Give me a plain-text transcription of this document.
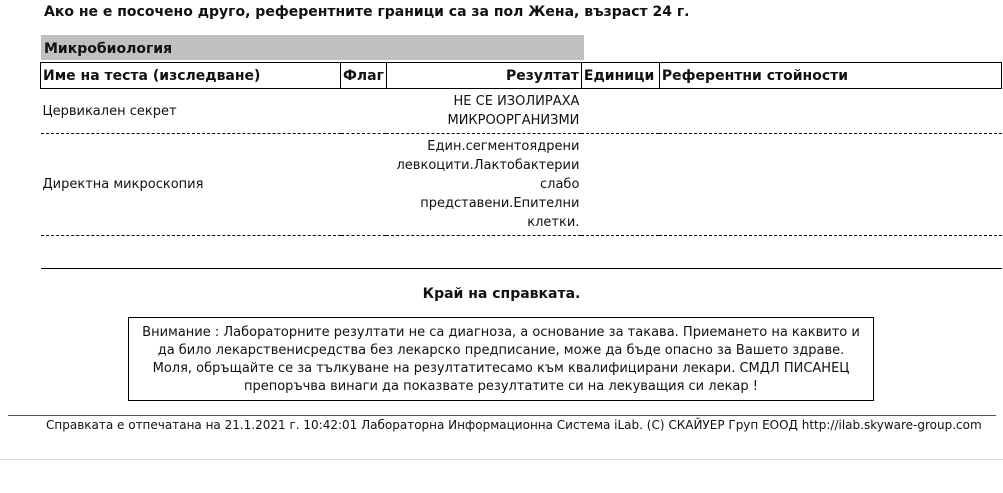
Ако не е посочено друго, референтните граници са за пол Жена, възраст 24 г.
Микробиология
Име на теста (изследване)	Флаг	Резултат	Единици	Референтни стойности
Цервикален секрет		НЕ СЕ ИЗОЛИРАХА
МИКРООРГАНИЗМИ		

Директна микроскопия		Един.сегментоядрени
левкоцити.Лактобактерии
слабо
представени.Епителни
клетки.		

Край на справката.
Внимание : Лабораторните резултати не са диагноза, а основание за такава. Приемането на каквито и да било лекарственисредства без лекарско предписание, може да бъде опасно за Вашето здраве. Моля, обръщайте се за тълкуване на резултатитесамо към квалифицирани лекари. СМДЛ ПИСАНЕЦ препоръчва винаги да показвате резултатите си на лекуващия си лекар !
Справката е отпечатана на 21.1.2021 г. 10:42:01 Лабораторна Информационна Система iLab. (C) СКАЙУЕР Груп ЕООД http://ilab.skyware-group.com
